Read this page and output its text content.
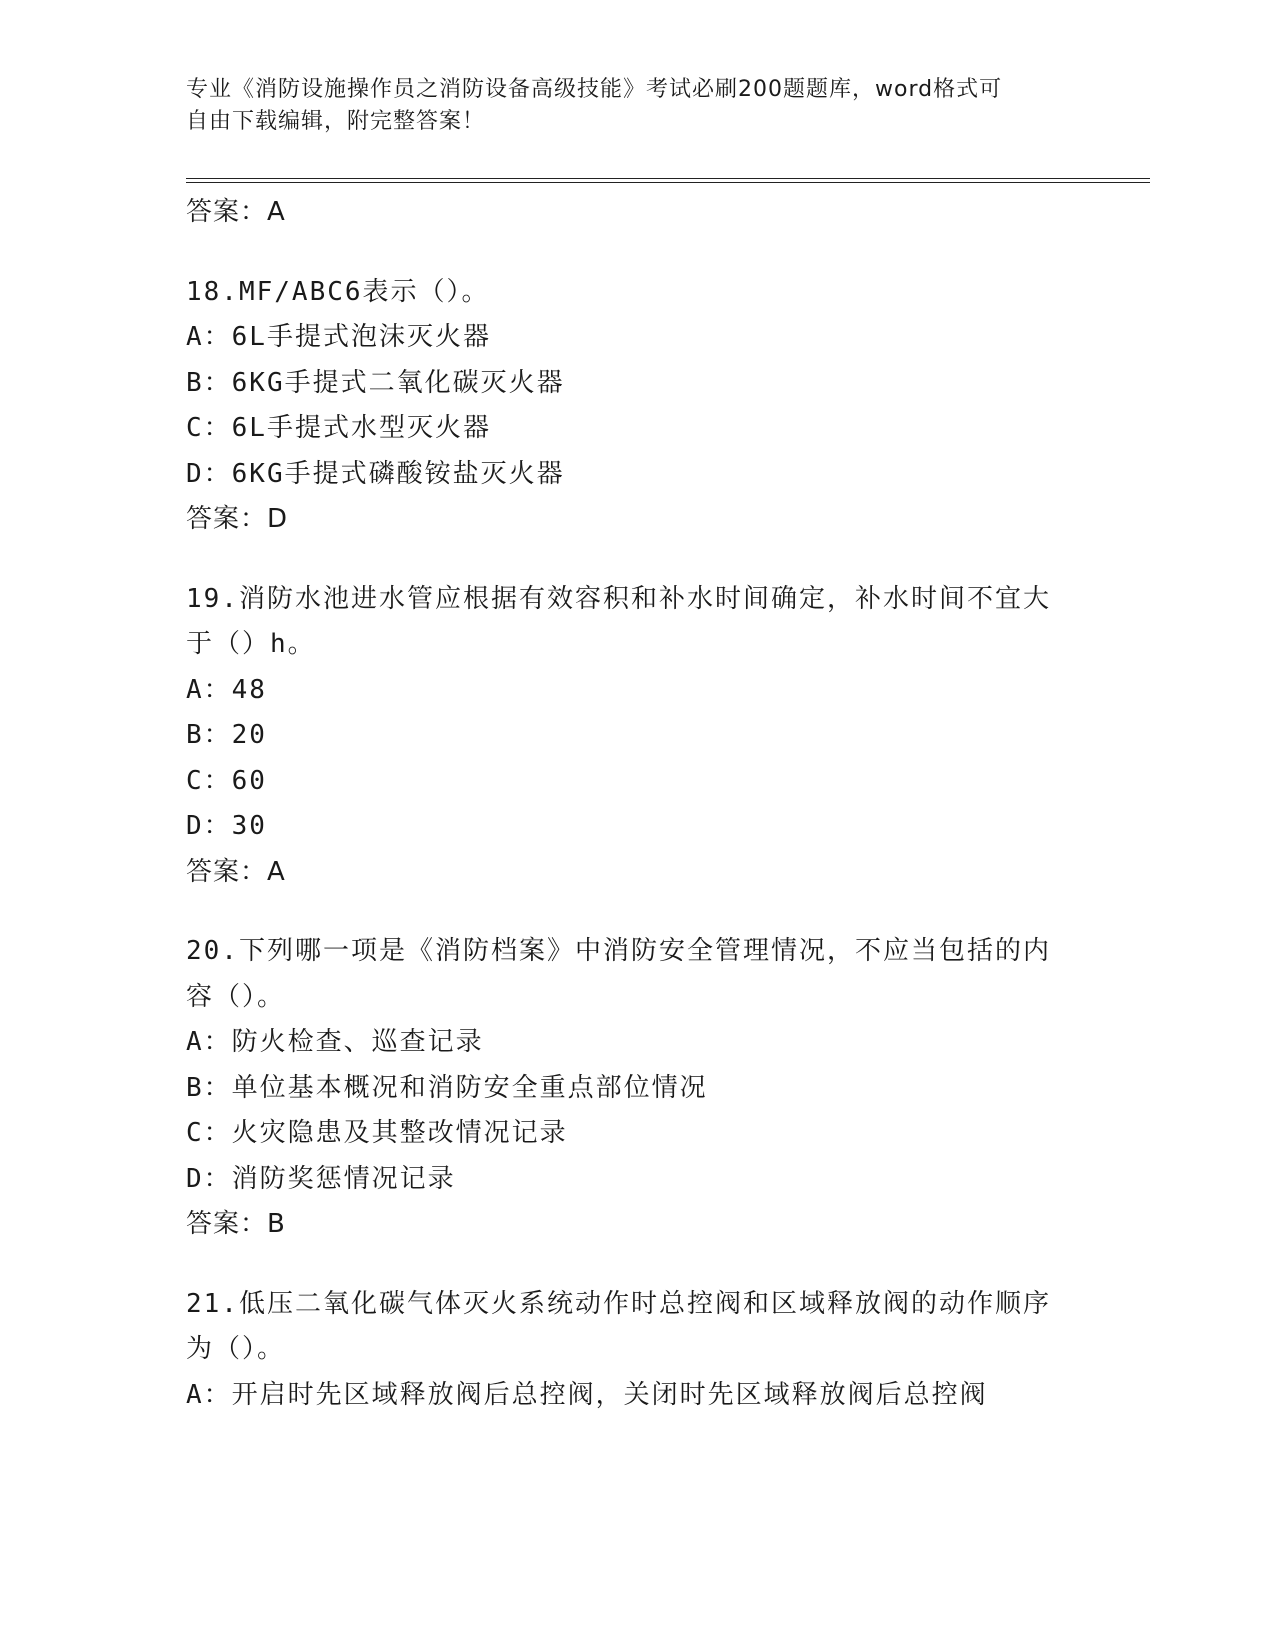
专业《消防设施操作员之消防设备高级技能》考试必刷200题题库，word格式可
自由下载编辑，附完整答案！
答案：A
18.MF/ABC6表示（）。
A：6L手提式泡沫灭火器
B：6KG手提式二氧化碳灭火器
C：6L手提式水型灭火器
D：6KG手提式磷酸铵盐灭火器
答案：D
19.消防水池进水管应根据有效容积和补水时间确定，补水时间不宜大
于（）h。
A：48
B：20
C：60
D：30
答案：A
20.下列哪一项是《消防档案》中消防安全管理情况，不应当包括的内
容（）。
A：防火检查、巡查记录
B：单位基本概况和消防安全重点部位情况
C：火灾隐患及其整改情况记录
D：消防奖惩情况记录
答案：B
21.低压二氧化碳气体灭火系统动作时总控阀和区域释放阀的动作顺序
为（）。
A：开启时先区域释放阀后总控阀，关闭时先区域释放阀后总控阀
